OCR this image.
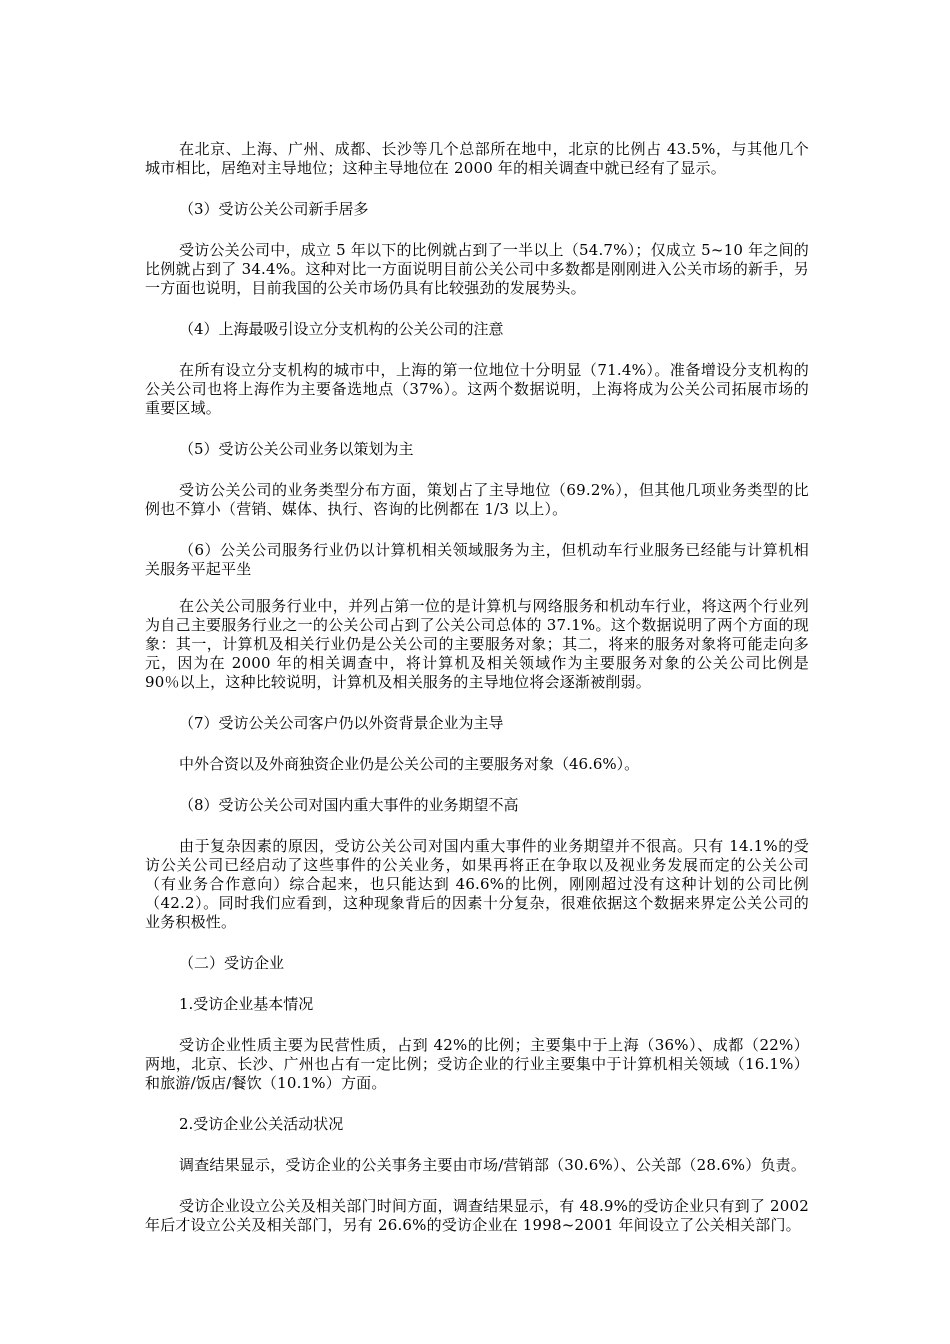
在北京、上海、广州、成都、长沙等几个总部所在地中，北京的比例占 43.5%，与其他几个城市相比，居绝对主导地位；这种主导地位在 2000 年的相关调查中就已经有了显示。

（3）受访公关公司新手居多

受访公关公司中，成立 5 年以下的比例就占到了一半以上（54.7%）；仅成立 5~10 年之间的比例就占到了 34.4%。这种对比一方面说明目前公关公司中多数都是刚刚进入公关市场的新手，另一方面也说明，目前我国的公关市场仍具有比较强劲的发展势头。

（4）上海最吸引设立分支机构的公关公司的注意

在所有设立分支机构的城市中，上海的第一位地位十分明显（71.4%）。准备增设分支机构的公关公司也将上海作为主要备选地点（37%）。这两个数据说明，上海将成为公关公司拓展市场的重要区域。

（5）受访公关公司业务以策划为主

受访公关公司的业务类型分布方面，策划占了主导地位（69.2%），但其他几项业务类型的比例也不算小（营销、媒体、执行、咨询的比例都在 1/3 以上）。

（6）公关公司服务行业仍以计算机相关领域服务为主，但机动车行业服务已经能与计算机相关服务平起平坐

在公关公司服务行业中，并列占第一位的是计算机与网络服务和机动车行业，将这两个行业列为自己主要服务行业之一的公关公司占到了公关公司总体的 37.1%。这个数据说明了两个方面的现象：其一，计算机及相关行业仍是公关公司的主要服务对象；其二，将来的服务对象将可能走向多元，因为在 2000 年的相关调查中，将计算机及相关领域作为主要服务对象的公关公司比例是 90％以上，这种比较说明，计算机及相关服务的主导地位将会逐渐被削弱。

（7）受访公关公司客户仍以外资背景企业为主导

中外合资以及外商独资企业仍是公关公司的主要服务对象（46.6%）。

（8）受访公关公司对国内重大事件的业务期望不高

由于复杂因素的原因，受访公关公司对国内重大事件的业务期望并不很高。只有 14.1%的受访公关公司已经启动了这些事件的公关业务，如果再将正在争取以及视业务发展而定的公关公司（有业务合作意向）综合起来，也只能达到 46.6%的比例，刚刚超过没有这种计划的公司比例（42.2）。同时我们应看到，这种现象背后的因素十分复杂，很难依据这个数据来界定公关公司的业务积极性。

（二）受访企业

1.受访企业基本情况

受访企业性质主要为民营性质，占到 42%的比例；主要集中于上海（36%）、成都（22%）两地，北京、长沙、广州也占有一定比例；受访企业的行业主要集中于计算机相关领域（16.1%）和旅游/饭店/餐饮（10.1%）方面。

2.受访企业公关活动状况

调查结果显示，受访企业的公关事务主要由市场/营销部（30.6%）、公关部（28.6%）负责。

受访企业设立公关及相关部门时间方面，调查结果显示，有 48.9%的受访企业只有到了 2002 年后才设立公关及相关部门，另有 26.6%的受访企业在 1998~2001 年间设立了公关相关部门。
